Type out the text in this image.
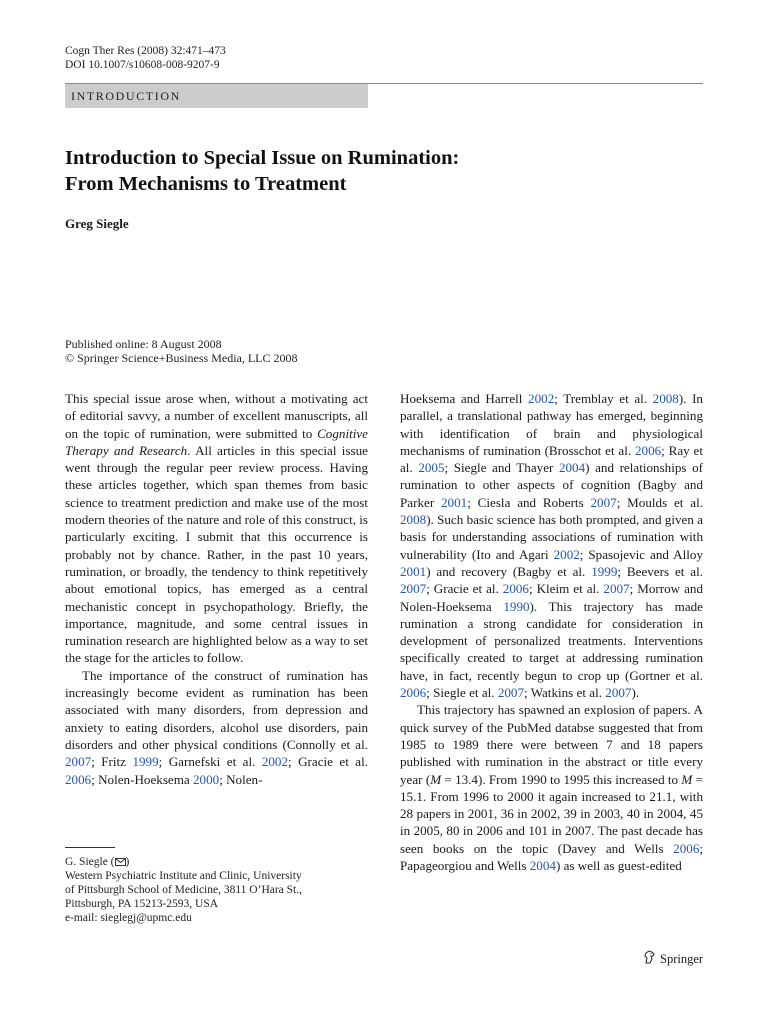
Cogn Ther Res (2008) 32:471–473
DOI 10.1007/s10608-008-9207-9
INTRODUCTION
Introduction to Special Issue on Rumination:
From Mechanisms to Treatment
Greg Siegle
Published online: 8 August 2008
© Springer Science+Business Media, LLC 2008

This special issue arose when, without a motivating act of editorial savvy, a number of excellent manuscripts, all on the topic of rumination, were submitted to Cognitive Therapy and Research. All articles in this special issue went through the regular peer review process. Having these articles together, which span themes from basic science to treatment prediction and make use of the most modern theories of the nature and role of this construct, is particularly exciting. I submit that this occurrence is probably not by chance. Rather, in the past 10 years, rumination, or broadly, the tendency to think repetitively about emotional topics, has emerged as a central mechanistic concept in psychopathology. Briefly, the importance, magnitude, and some central issues in rumination research are highlighted below as a way to set the stage for the articles to follow.

The importance of the construct of rumination has increasingly become evident as rumination has been associated with many disorders, from depression and anxiety to eating disorders, alcohol use disorders, pain disorders and other physical conditions (Connolly et al. 2007; Fritz 1999; Garnefski et al. 2002; Gracie et al. 2006; Nolen-Hoeksema 2000; Nolen-

Hoeksema and Harrell 2002; Tremblay et al. 2008). In parallel, a translational pathway has emerged, beginning with identification of brain and physiological mechanisms of rumination (Brosschot et al. 2006; Ray et al. 2005; Siegle and Thayer 2004) and relationships of rumination to other aspects of cognition (Bagby and Parker 2001; Ciesla and Roberts 2007; Moulds et al. 2008). Such basic science has both prompted, and given a basis for understanding associations of rumination with vulnerability (Ito and Agari 2002; Spasojevic and Alloy 2001) and recovery (Bagby et al. 1999; Beevers et al. 2007; Gracie et al. 2006; Kleim et al. 2007; Morrow and Nolen-Hoeksema 1990). This trajectory has made rumination a strong candidate for consideration in development of personalized treatments. Interventions specifically created to target at addressing rumination have, in fact, recently begun to crop up (Gortner et al. 2006; Siegle et al. 2007; Watkins et al. 2007).

This trajectory has spawned an explosion of papers. A quick survey of the PubMed databse suggested that from 1985 to 1989 there were between 7 and 18 papers published with rumination in the abstract or title every year (M = 13.4). From 1990 to 1995 this increased to M = 15.1. From 1996 to 2000 it again increased to 21.1, with 28 papers in 2001, 36 in 2002, 39 in 2003, 40 in 2004, 45 in 2005, 80 in 2006 and 101 in 2007. The past decade has seen books on the topic (Davey and Wells 2006; Papageorgiou and Wells 2004) as well as guest-edited

G. Siegle ( )
Western Psychiatric Institute and Clinic, University
of Pittsburgh School of Medicine, 3811 O’Hara St.,
Pittsburgh, PA 15213-2593, USA
e-mail: sieglegj@upmc.edu
Springer
